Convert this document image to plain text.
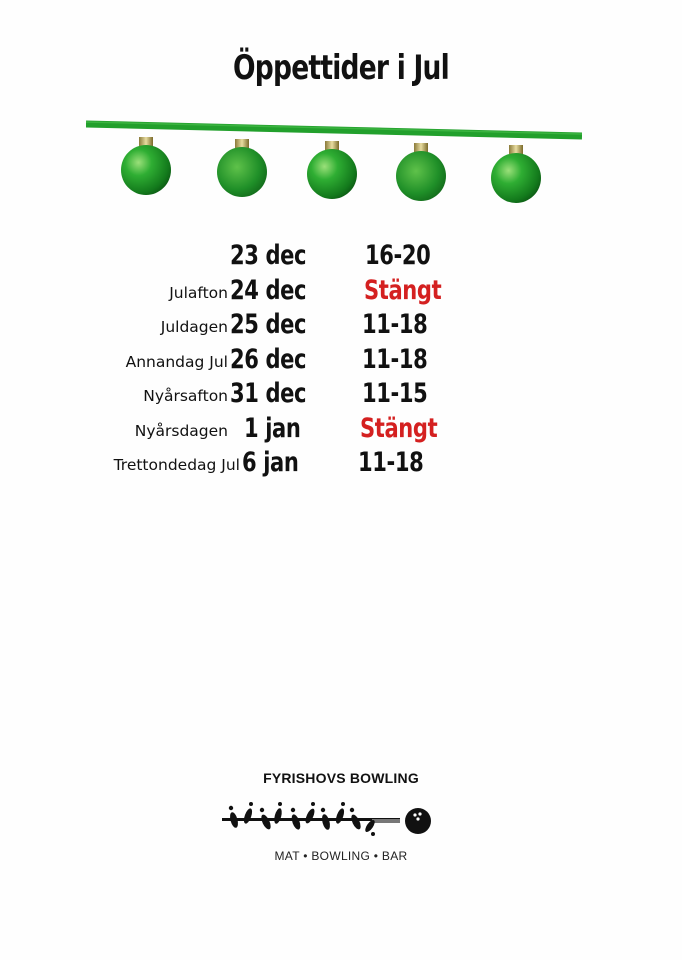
Öppettider i Jul
23 dec 16-20
Julafton 24 dec Stängt
Juldagen 25 dec 11-18
Annandag Jul 26 dec 11-18
Nyårsafton 31 dec 11-15
Nyårsdagen 1 jan Stängt
Trettondedag Jul 6 jan 11-18
FYRISHOVS BOWLING
MAT • BOWLING • BAR
